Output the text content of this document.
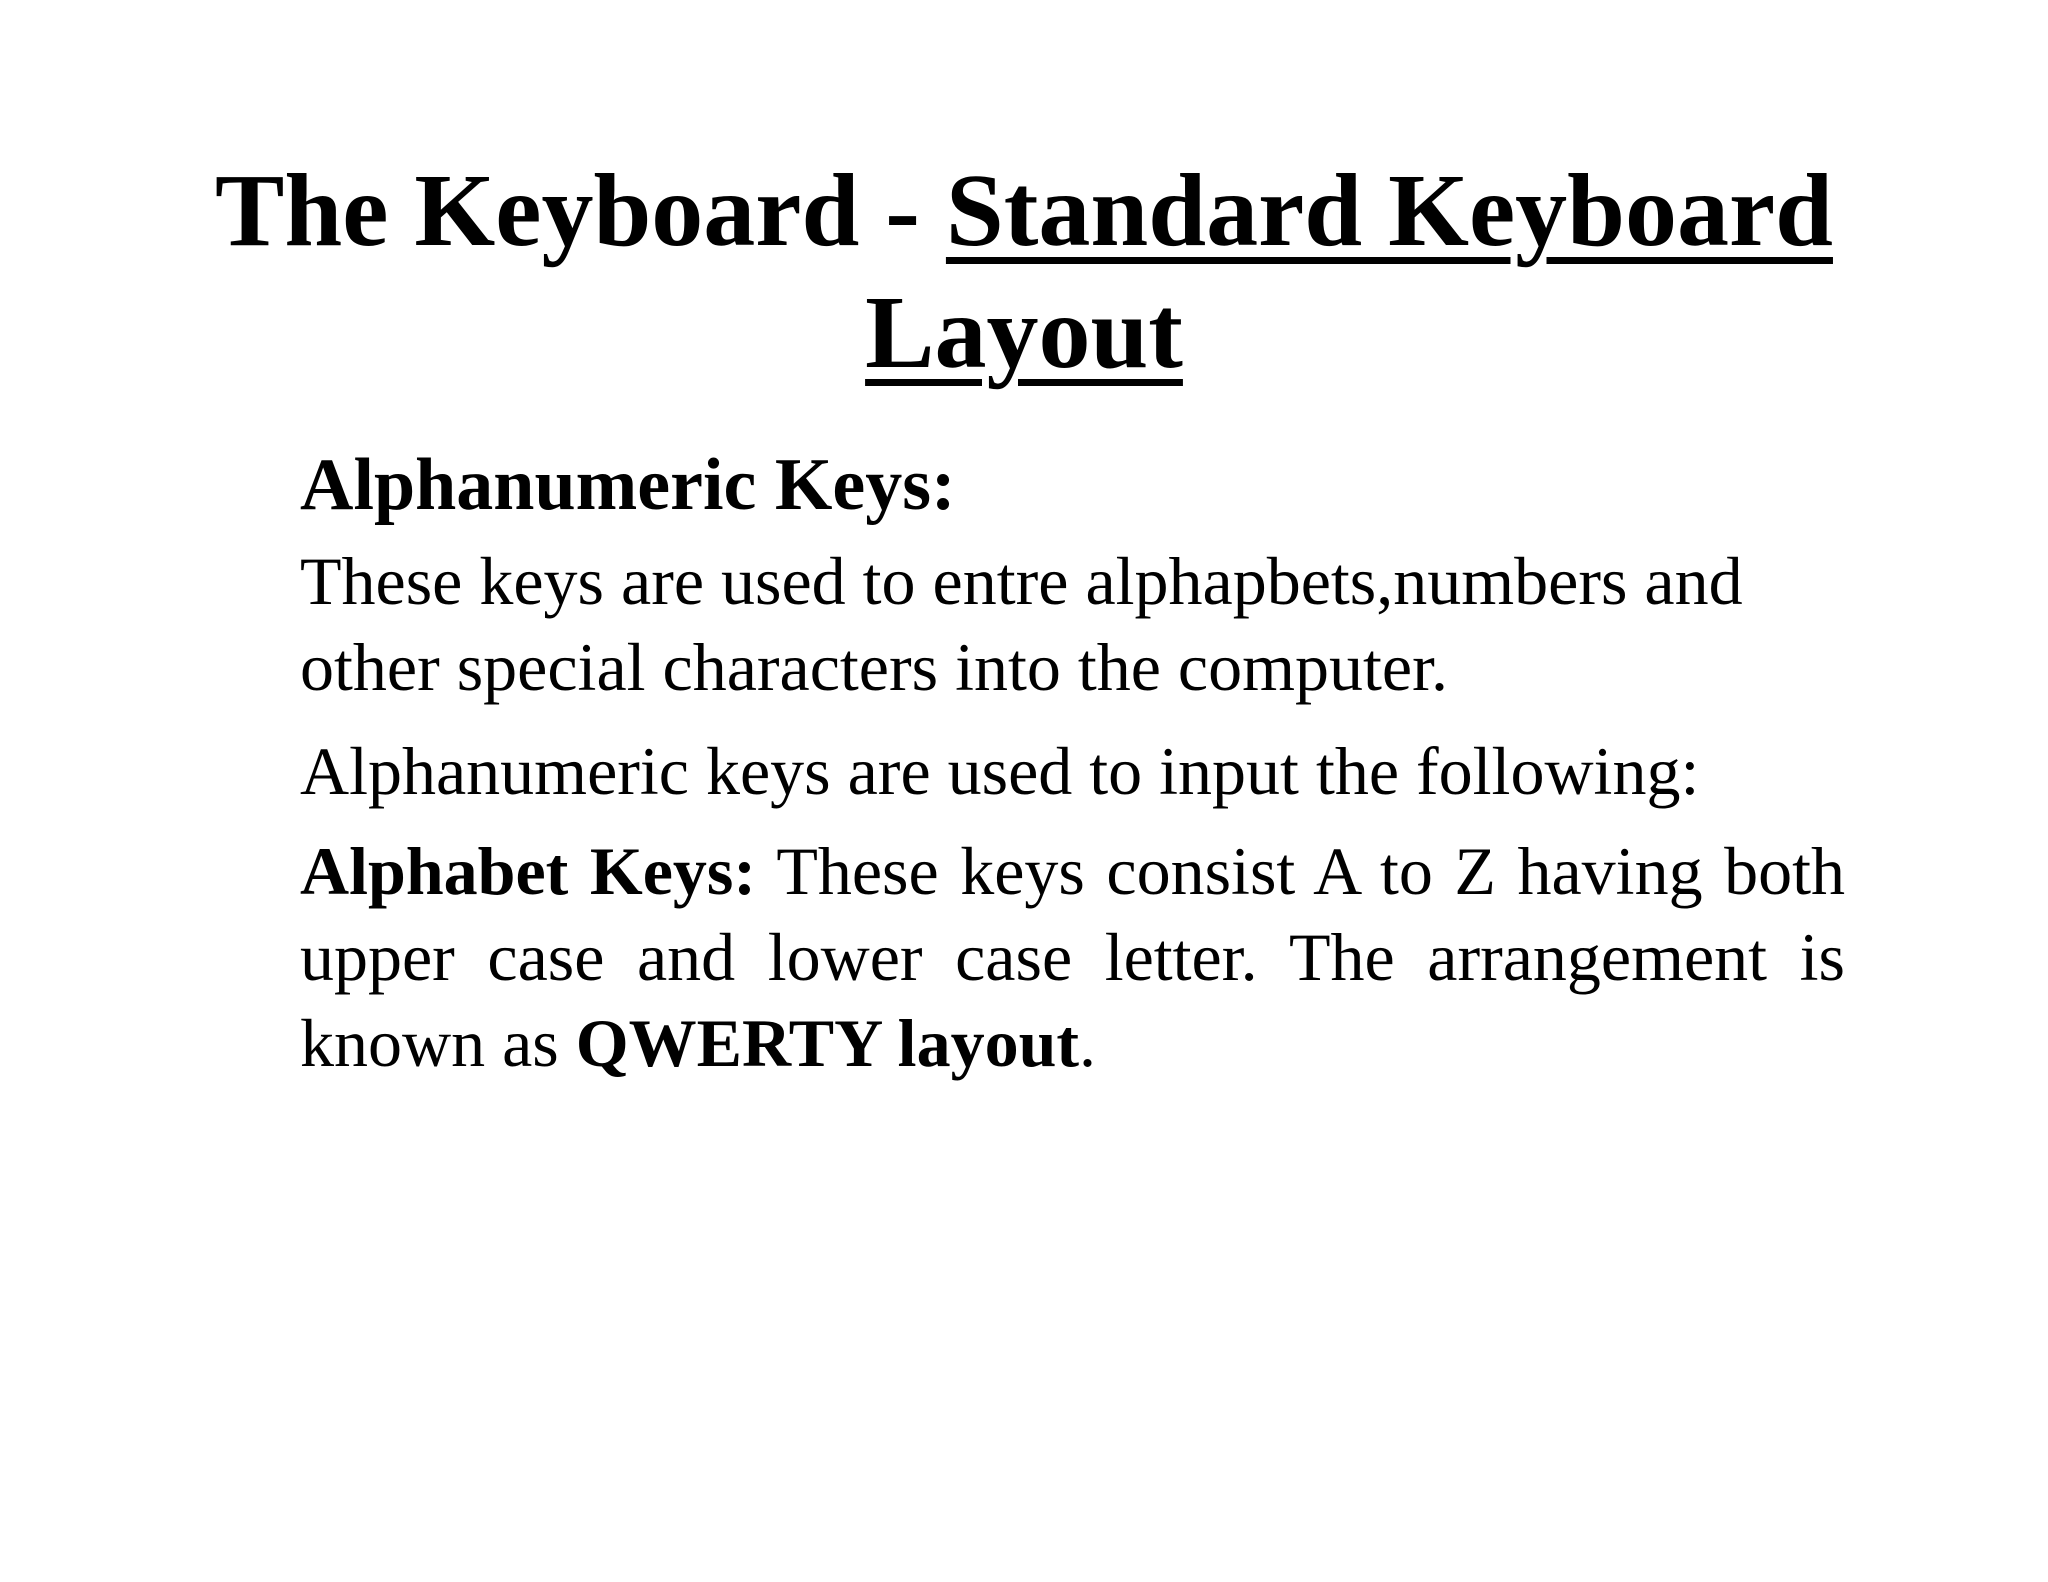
The Keyboard - Standard Keyboard Layout

Alphanumeric Keys:

These keys are used to entre alphapbets,numbers and other special characters into the computer.

Alphanumeric keys are used to input the following:

Alphabet Keys: These keys consist A to Z having both upper case and lower case letter. The arrangement is known as QWERTY layout.
